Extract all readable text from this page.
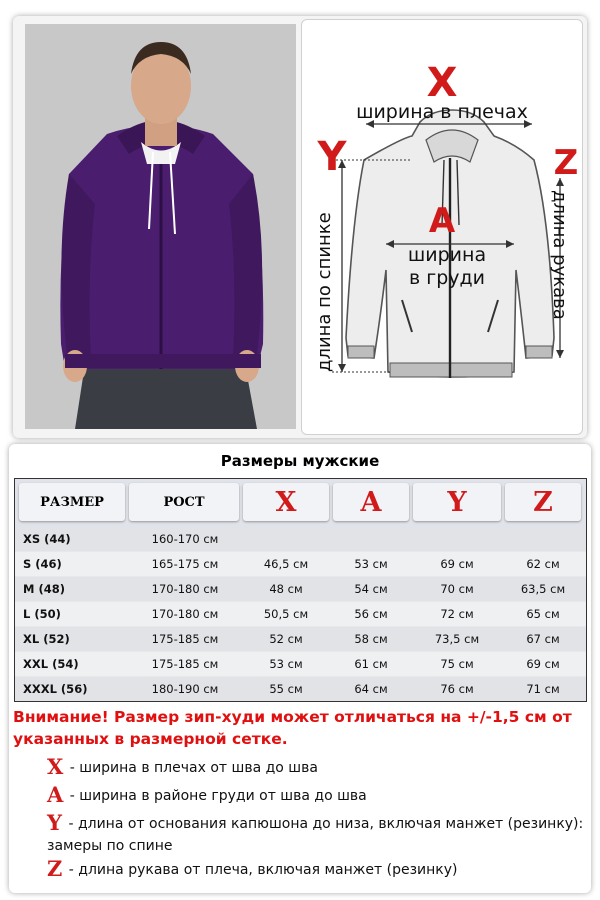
X
Y	Z
A
ширина в плечах
ширина
в груди
длина по спинке	длина рукава
Размеры мужские
РАЗМЕР	РОСТ	X	A	Y	Z
XS (44)	160-170 см
S (46)	165-175 см	46,5 см	53 см	69 см	62 см
M (48)	170-180 см	48 см	54 см	70 см	63,5 см
L (50)	170-180 см	50,5 см	56 см	72 см	65 см
XL (52)	175-185 см	52 см	58 см	73,5 см	67 см
XXL (54)	175-185 см	53 см	61 см	75 см	69 см
XXXL (56)	180-190 см	55 см	64 см	76 см	71 см
Внимание! Размер зип-худи может отличаться на +/-1,5 см от указанных в размерной сетке.
X - ширина в плечах от шва до шва
A - ширина в районе груди от шва до шва
Y - длина от основания капюшона до низа, включая манжет (резинку): замеры по спине
Z - длина рукава от плеча, включая манжет (резинку)
